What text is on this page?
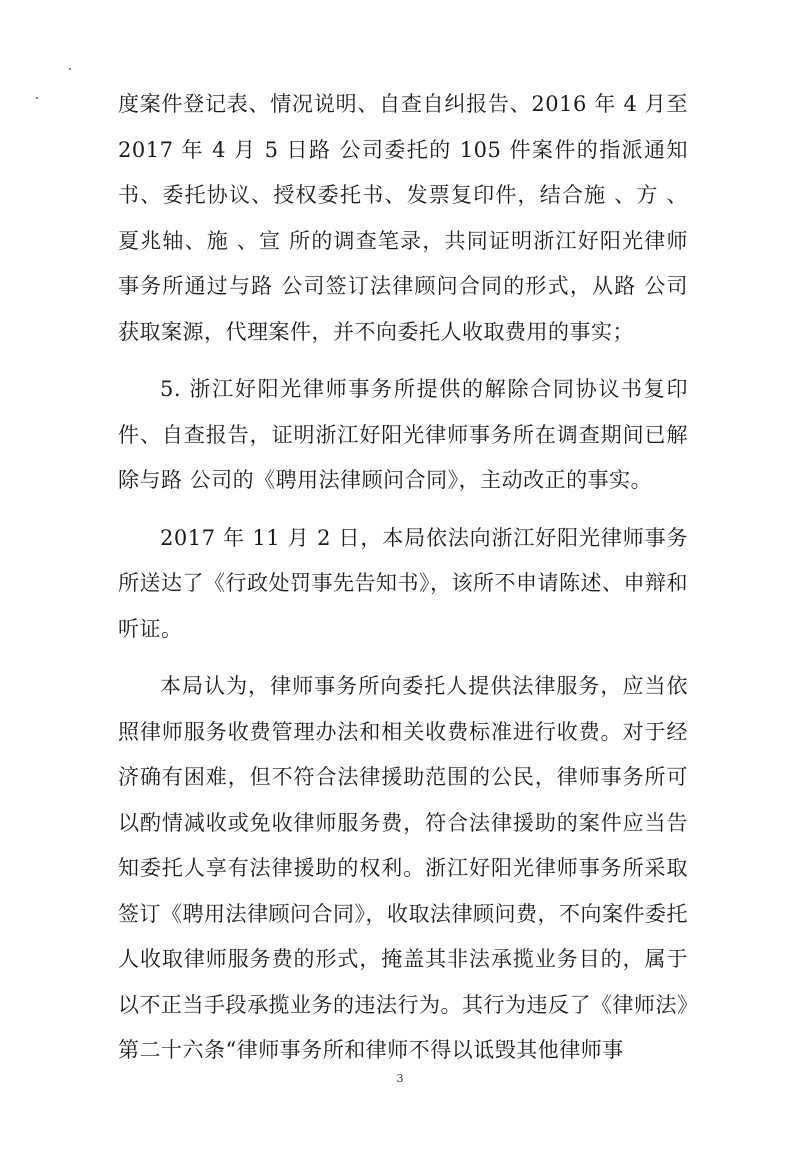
度案件登记表、情况说明、自查自纠报告、2016 年 4 月至 2017 年 4 月 5 日路 公司委托的 105 件案件的指派通知书、委托协议、授权委托书、发票复印件，结合施 、方 、夏兆轴、施 、宣 所的调查笔录，共同证明浙江好阳光律师事务所通过与路 公司签订法律顾问合同的形式，从路 公司获取案源，代理案件，并不向委托人收取费用的事实；

5. 浙江好阳光律师事务所提供的解除合同协议书复印件、自查报告，证明浙江好阳光律师事务所在调查期间已解除与路 公司的《聘用法律顾问合同》，主动改正的事实。

2017 年 11 月 2 日，本局依法向浙江好阳光律师事务所送达了《行政处罚事先告知书》，该所不申请陈述、申辩和听证。

本局认为，律师事务所向委托人提供法律服务，应当依照律师服务收费管理办法和相关收费标准进行收费。对于经济确有困难，但不符合法律援助范围的公民，律师事务所可以酌情减收或免收律师服务费，符合法律援助的案件应当告知委托人享有法律援助的权利。浙江好阳光律师事务所采取签订《聘用法律顾问合同》，收取法律顾问费，不向案件委托人收取律师服务费的形式，掩盖其非法承揽业务目的，属于以不正当手段承揽业务的违法行为。其行为违反了《律师法》第二十六条“律师事务所和律师不得以诋毁其他律师事

3
